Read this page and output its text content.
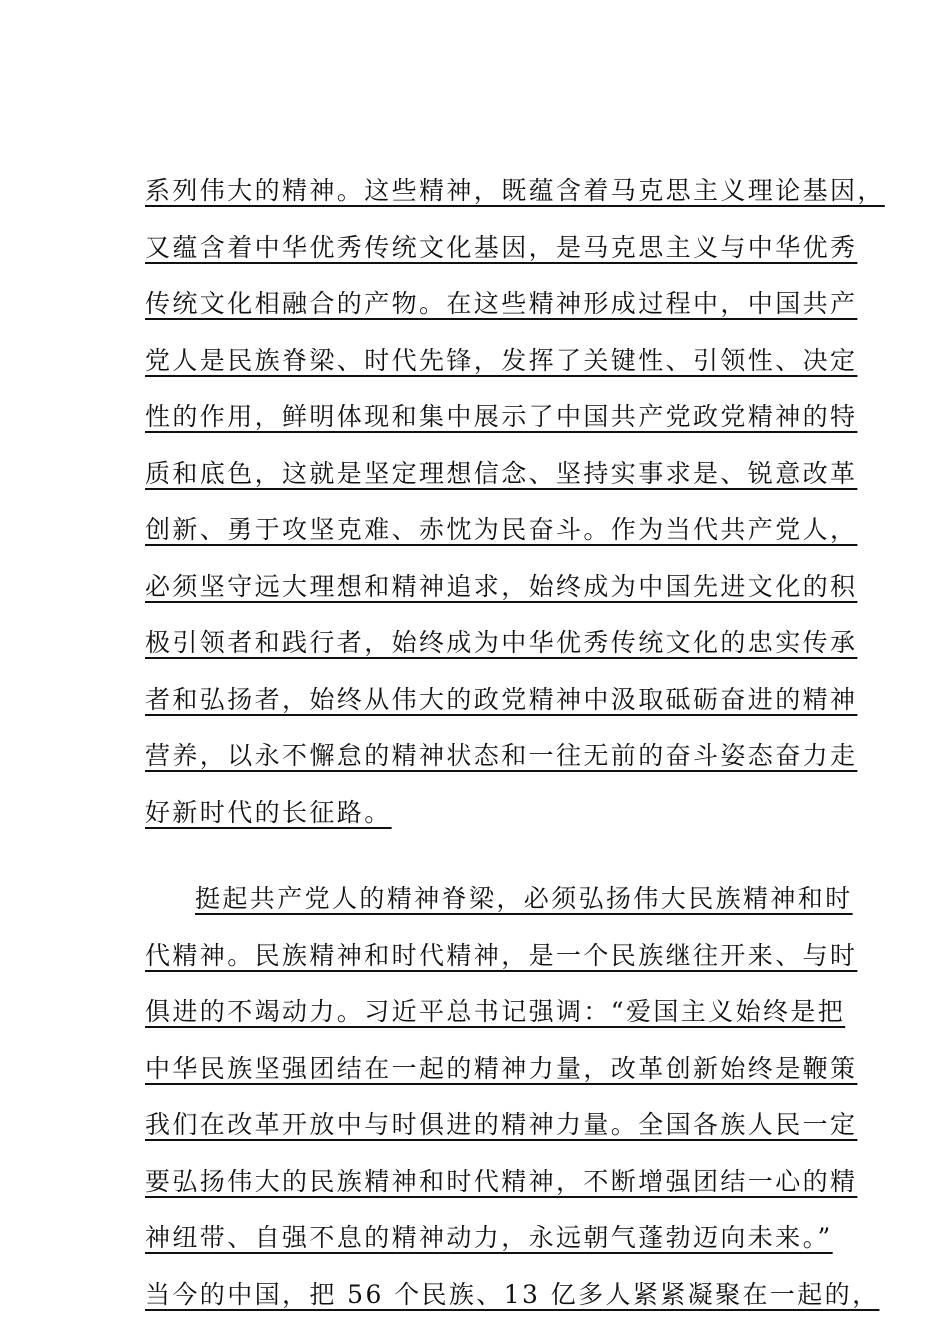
系列伟大的精神。这些精神，既蕴含着马克思主义理论基因，
又蕴含着中华优秀传统文化基因，是马克思主义与中华优秀
传统文化相融合的产物。在这些精神形成过程中，中国共产
党人是民族脊梁、时代先锋，发挥了关键性、引领性、决定
性的作用，鲜明体现和集中展示了中国共产党政党精神的特
质和底色，这就是坚定理想信念、坚持实事求是、锐意改革
创新、勇于攻坚克难、赤忱为民奋斗。作为当代共产党人，
必须坚守远大理想和精神追求，始终成为中国先进文化的积
极引领者和践行者，始终成为中华优秀传统文化的忠实传承
者和弘扬者，始终从伟大的政党精神中汲取砥砺奋进的精神
营养，以永不懈怠的精神状态和一往无前的奋斗姿态奋力走
好新时代的长征路。
挺起共产党人的精神脊梁，必须弘扬伟大民族精神和时
代精神。民族精神和时代精神，是一个民族继往开来、与时
俱进的不竭动力。习近平总书记强调：“爱国主义始终是把
中华民族坚强团结在一起的精神力量，改革创新始终是鞭策
我们在改革开放中与时俱进的精神力量。全国各族人民一定
要弘扬伟大的民族精神和时代精神，不断增强团结一心的精
神纽带、自强不息的精神动力，永远朝气蓬勃迈向未来。”
当今的中国，把 56 个民族、13 亿多人紧紧凝聚在一起的，
